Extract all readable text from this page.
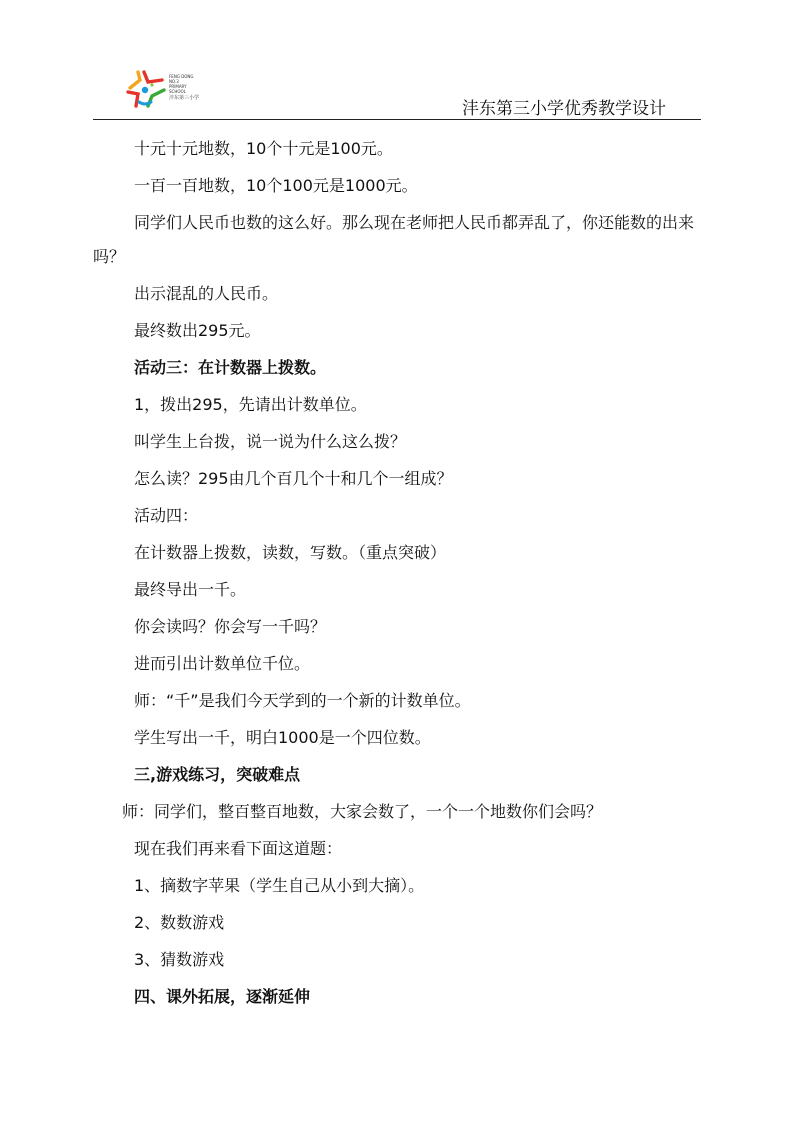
FENG DONG
NO.3
PRIMARY
SCHOOL
沣东第三小学
沣东第三小学优秀教学设计

十元十元地数，10个十元是100元。

一百一百地数，10个100元是1000元。

同学们人民币也数的这么好。那么现在老师把人民币都弄乱了，你还能数的出来吗？

出示混乱的人民币。

最终数出295元。

活动三：在计数器上拨数。

1，拨出295，先请出计数单位。

叫学生上台拨，说一说为什么这么拨？

怎么读？295由几个百几个十和几个一组成？

活动四：

在计数器上拨数，读数，写数。（重点突破）

最终导出一千。

你会读吗？你会写一千吗？

进而引出计数单位千位。

师：“千”是我们今天学到的一个新的计数单位。

学生写出一千，明白1000是一个四位数。

三,游戏练习，突破难点

师：同学们，整百整百地数，大家会数了，一个一个地数你们会吗？

现在我们再来看下面这道题：

1、摘数字苹果（学生自己从小到大摘）。

2、数数游戏

3、猜数游戏

四、课外拓展，逐渐延伸
